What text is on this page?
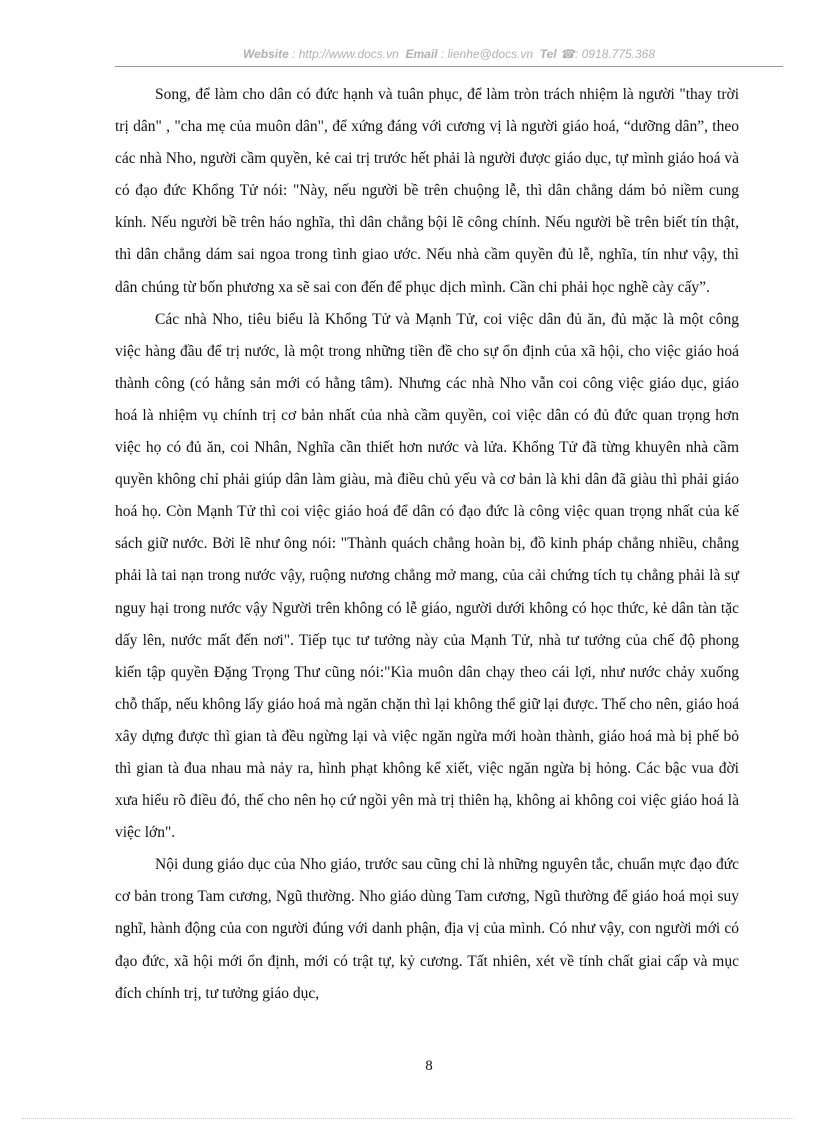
Website : http://www.docs.vn Email : lienhe@docs.vn Tel ☎: 0918.775.368

Song, để làm cho dân có đức hạnh và tuân phục, để làm tròn trách nhiệm là người "thay trời trị dân" , "cha mẹ của muôn dân", để xứng đáng với cương vị là người giáo hoá, “dưỡng dân”, theo các nhà Nho, người cầm quyền, kẻ cai trị trước hết phải là người được giáo dục, tự mình giáo hoá và có đạo đức Khổng Tử nói: "Này, nếu người bề trên chuộng lễ, thì dân chẳng dám bỏ niềm cung kính. Nếu người bề trên háo nghĩa, thì dân chẳng bội lẽ công chính. Nếu người bề trên biết tín thật, thì dân chẳng dám sai ngoa trong tình giao ước. Nếu nhà cầm quyền đủ lễ, nghĩa, tín như vậy, thì dân chúng từ bốn phương xa sẽ sai con đến để phục dịch mình. Cần chi phải học nghề cày cấy”.

Các nhà Nho, tiêu biểu là Khổng Tử và Mạnh Tử, coi việc dân đủ ăn, đủ mặc là một công việc hàng đầu để trị nước, là một trong những tiền đề cho sự ổn định của xã hội, cho việc giáo hoá thành công (có hằng sản mới có hằng tâm). Nhưng các nhà Nho vẫn coi công việc giáo dục, giáo hoá là nhiệm vụ chính trị cơ bản nhất của nhà cầm quyền, coi việc dân có đủ đức quan trọng hơn việc họ có đủ ăn, coi Nhân, Nghĩa cần thiết hơn nước và lửa. Khổng Tử đã từng khuyên nhà cầm quyền không chỉ phải giúp dân làm giàu, mà điều chủ yếu và cơ bản là khi dân đã giàu thì phải giáo hoá họ. Còn Mạnh Tử thì coi việc giáo hoá để dân có đạo đức là công việc quan trọng nhất của kế sách giữ nước. Bởi lẽ như ông nói: "Thành quách chẳng hoàn bị, đồ kinh pháp chẳng nhiều, chẳng phải là tai nạn trong nước vậy, ruộng nương chẳng mở mang, của cải chứng tích tụ chẳng phải là sự nguy hại trong nước vậy Người trên không có lễ giáo, người dưới không có học thức, kẻ dân tàn tặc dấy lên, nước mất đến nơi". Tiếp tục tư tưởng này của Mạnh Tử, nhà tư tưởng của chế độ phong kiến tập quyền Đặng Trọng Thư cũng nói:"Kìa muôn dân chạy theo cái lợi, như nước chảy xuống chỗ thấp, nếu không lấy giáo hoá mà ngăn chặn thì lại không thể giữ lại được. Thế cho nên, giáo hoá xây dựng được thì gian tà đều ngừng lại và việc ngăn ngừa mới hoàn thành, giáo hoá mà bị phế bỏ thì gian tà đua nhau mà nảy ra, hình phạt không kể xiết, việc ngăn ngừa bị hỏng. Các bậc vua đời xưa hiểu rõ điều đó, thế cho nên họ cứ ngồi yên mà trị thiên hạ, không ai không coi việc giáo hoá là việc lớn".

Nội dung giáo dục của Nho giáo, trước sau cũng chỉ là những nguyên tắc, chuẩn mực đạo đức cơ bản trong Tam cương, Ngũ thường. Nho giáo dùng Tam cương, Ngũ thường để giáo hoá mọi suy nghĩ, hành động của con người đúng với danh phận, địa vị của mình. Có như vậy, con người mới có đạo đức, xã hội mới ổn định, mới có trật tự, kỷ cương. Tất nhiên, xét về tính chất giai cấp và mục đích chính trị, tư tưởng giáo dục,

8
